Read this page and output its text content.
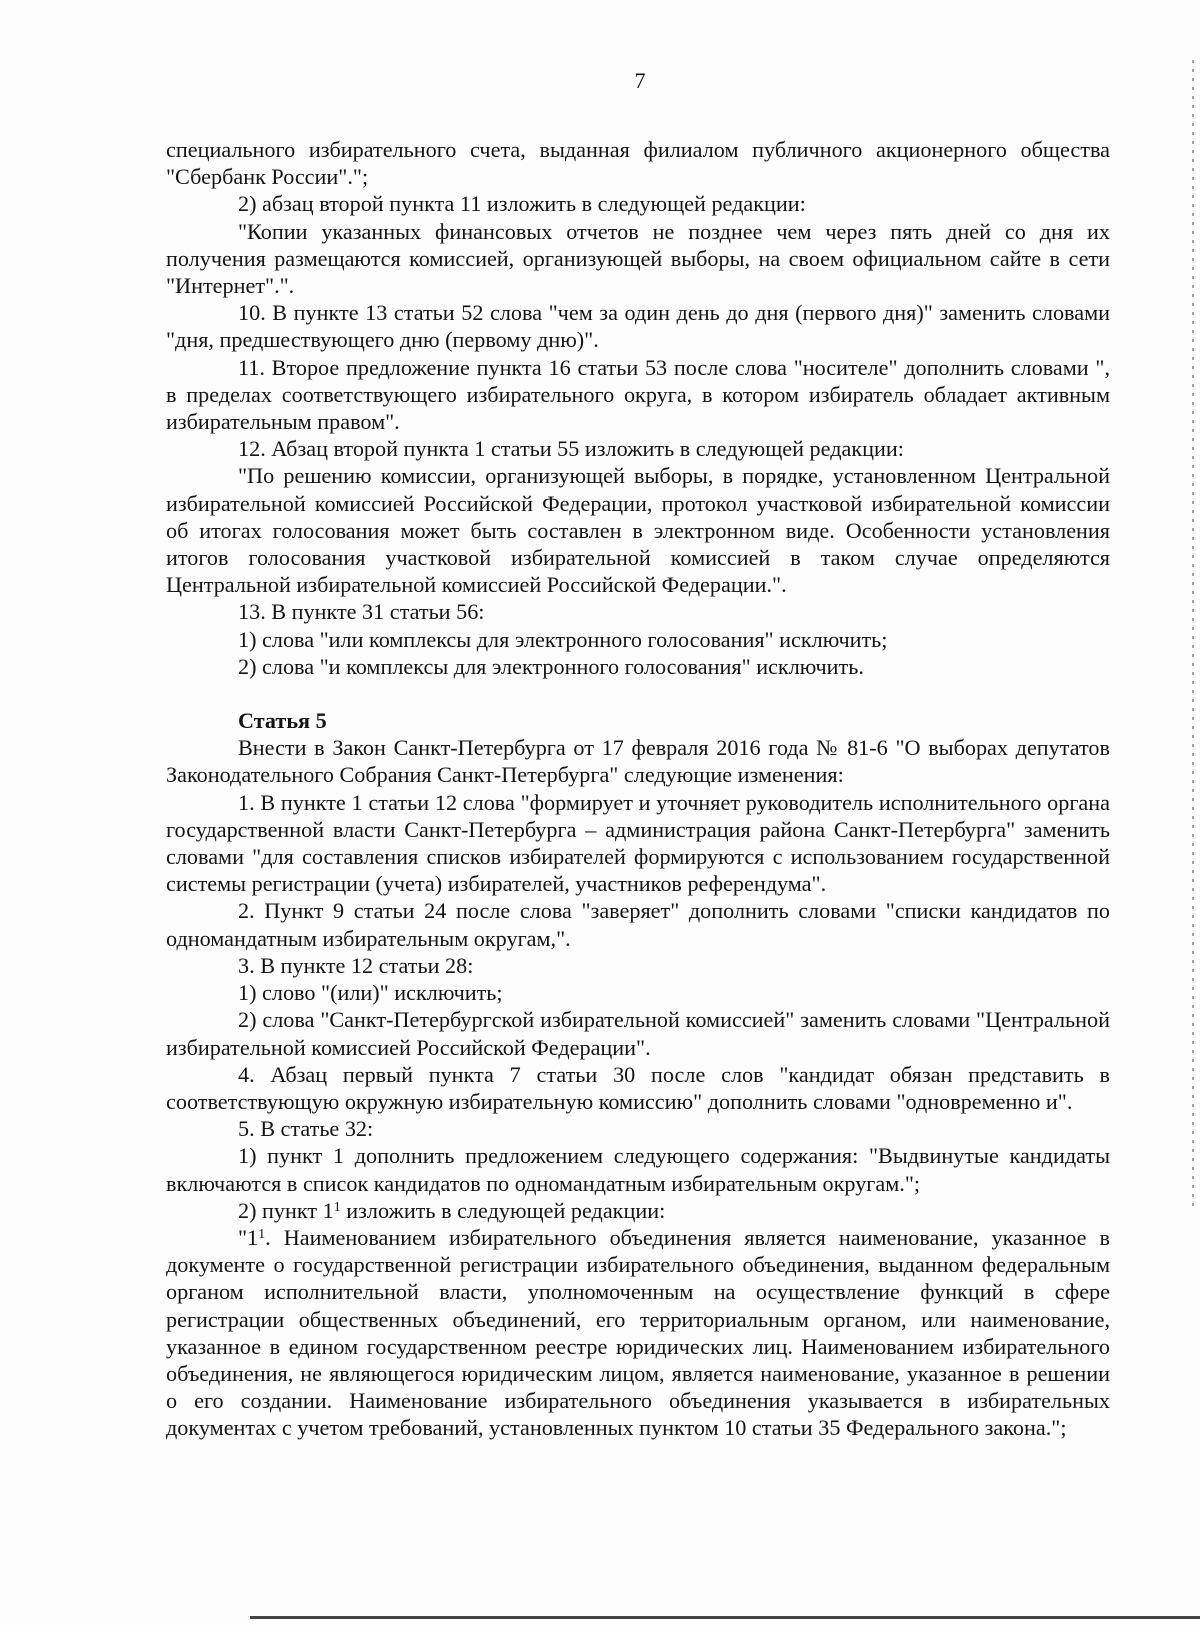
7

специального избирательного счета, выданная филиалом публичного акционерного общества "Сбербанк России".";

2) абзац второй пункта 11 изложить в следующей редакции:

"Копии указанных финансовых отчетов не позднее чем через пять дней со дня их получения размещаются комиссией, организующей выборы, на своем официальном сайте в сети "Интернет".".

10. В пункте 13 статьи 52 слова "чем за один день до дня (первого дня)" заменить словами "дня, предшествующего дню (первому дню)".

11. Второе предложение пункта 16 статьи 53 после слова "носителе" дополнить словами ", в пределах соответствующего избирательного округа, в котором избиратель обладает активным избирательным правом".

12. Абзац второй пункта 1 статьи 55 изложить в следующей редакции:

"По решению комиссии, организующей выборы, в порядке, установленном Центральной избирательной комиссией Российской Федерации, протокол участковой избирательной комиссии об итогах голосования может быть составлен в электронном виде. Особенности установления итогов голосования участковой избирательной комиссией в таком случае определяются Центральной избирательной комиссией Российской Федерации.".

13. В пункте 31 статьи 56:

1) слова "или комплексы для электронного голосования" исключить;

2) слова "и комплексы для электронного голосования" исключить.

Статья 5

Внести в Закон Санкт-Петербурга от 17 февраля 2016 года № 81-6 "О выборах депутатов Законодательного Собрания Санкт-Петербурга" следующие изменения:

1. В пункте 1 статьи 12 слова "формирует и уточняет руководитель исполнительного органа государственной власти Санкт-Петербурга – администрация района Санкт-Петербурга" заменить словами "для составления списков избирателей формируются с использованием государственной системы регистрации (учета) избирателей, участников референдума".

2. Пункт 9 статьи 24 после слова "заверяет" дополнить словами "списки кандидатов по одномандатным избирательным округам,".

3. В пункте 12 статьи 28:

1) слово "(или)" исключить;

2) слова "Санкт-Петербургской избирательной комиссией" заменить словами "Центральной избирательной комиссией Российской Федерации".

4. Абзац первый пункта 7 статьи 30 после слов "кандидат обязан представить в соответствующую окружную избирательную комиссию" дополнить словами "одновременно и".

5. В статье 32:

1) пункт 1 дополнить предложением следующего содержания: "Выдвинутые кандидаты включаются в список кандидатов по одномандатным избирательным округам.";

2) пункт $1^1$ изложить в следующей редакции:

"$1^1$. Наименованием избирательного объединения является наименование, указанное в документе о государственной регистрации избирательного объединения, выданном федеральным органом исполнительной власти, уполномоченным на осуществление функций в сфере регистрации общественных объединений, его территориальным органом, или наименование, указанное в едином государственном реестре юридических лиц. Наименованием избирательного объединения, не являющегося юридическим лицом, является наименование, указанное в решении о его создании. Наименование избирательного объединения указывается в избирательных документах с учетом требований, установленных пунктом 10 статьи 35 Федерального закона.";
